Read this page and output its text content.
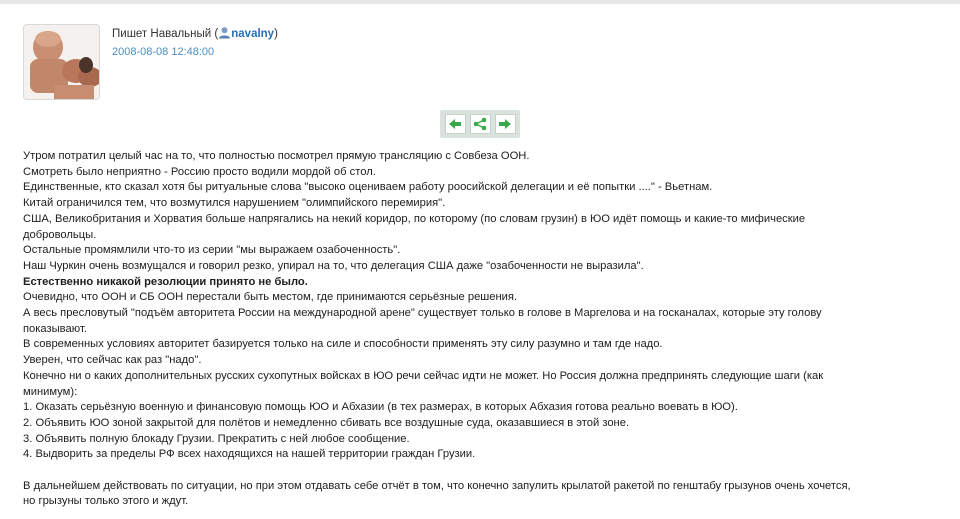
Пишет Навальный ( navalny)
2008-08-08 12:48:00

Утром потратил целый час на то, что полностью посмотрел прямую трансляцию с Совбеза ООН.

Смотреть было неприятно - Россию просто водили мордой об стол.

Единственные, кто сказал хотя бы ритуальные слова "высоко оцениваем работу роосийской делегации и её попытки ...." - Вьетнам.

Китай ограничился тем, что возмутился нарушением "олимпийского перемирия".

США, Великобритания и Хорватия больше напрягались на некий коридор, по которому (по словам грузин) в ЮО идёт помощь и какие-то мифические добровольцы.

Остальные промямлили что-то из серии "мы выражаем озабоченность".

Наш Чуркин очень возмущался и говорил резко, упирал на то, что делегация США даже "озабоченности не выразила".

Естественно никакой резолюции принято не было.

Очевидно, что ООН и СБ ООН перестали быть местом, где принимаются серьёзные решения.

А весь пресловутый "подъём авторитета России на международной арене" существует только в голове в Маргелова и на госканалах, которые эту голову показывают.

В современных условиях авторитет базируется только на силе и способности применять эту силу разумно и там где надо.

Уверен, что сейчас как раз "надо".

Конечно ни о каких дополнительных русских сухопутных войсках в ЮО речи сейчас идти не может. Но Россия должна предпринять следующие шаги (как минимум):

1. Оказать серьёзную военную и финансовую помощь ЮО и Абхазии (в тех размерах, в которых Абхазия готова реально воевать в ЮО).

2. Объявить ЮО зоной закрытой для полётов и немедленно сбивать все воздушные суда, оказавшиеся в этой зоне.

3. Объявить полную блокаду Грузии. Прекратить с ней любое сообщение.

4. Выдворить за пределы РФ всех находящихся на нашей территории граждан Грузии.

В дальнейшем действовать по ситуации, но при этом отдавать себе отчёт в том, что конечно запулить крылатой ракетой по генштабу грызунов очень хочется, но грызуны только этого и ждут.
